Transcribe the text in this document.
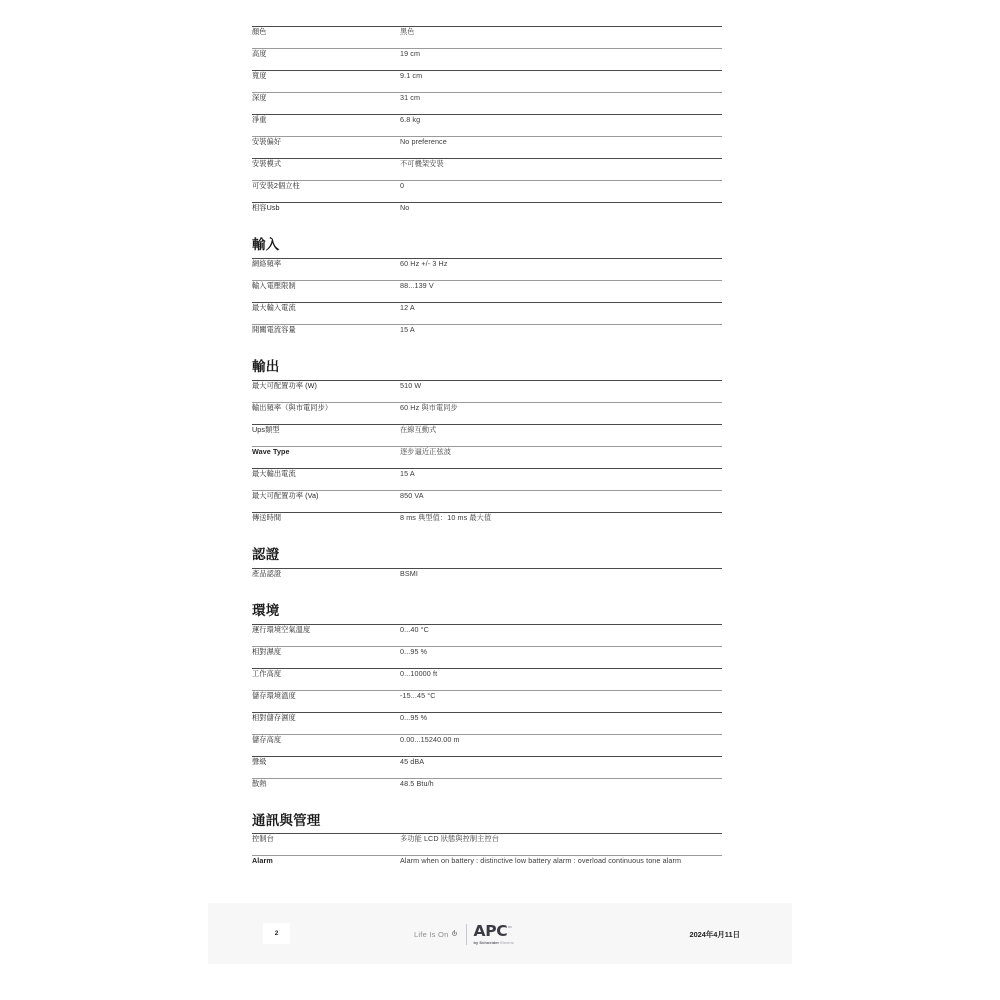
顏色	黑色
高度	19 cm
寬度	9.1 cm
深度	31 cm
淨重	6.8 kg
安裝偏好	No preference
安裝模式	不可機架安裝
可安裝2個立柱	0
相容Usb	No
輸入
網絡頻率	60 Hz +/- 3 Hz
輸入電壓限制	88...139 V
最大輸入電流	12 A
開關電流容量	15 A
輸出
最大可配置功率 (W)	510 W
輸出頻率（與市電同步）	60 Hz 與市電同步
Ups類型	在線互動式
Wave Type	逐步逼近正弦波
最大輸出電流	15 A
最大可配置功率 (Va)	850 VA
傳送時間	8 ms 典型值：10 ms 最大值
認證
產品認證	BSMI
環境
運行環境空氣溫度	0...40 °C
相對濕度	0...95 %
工作高度	0...10000 ft
儲存環境溫度	-15...45 °C
相對儲存濕度	0...95 %
儲存高度	0.00...15240.00 m
聲級	45 dBA
散熱	48.5 Btu/h
通訊與管理
控制台	多功能 LCD 狀態與控制主控台
Alarm	Alarm when on battery : distinctive low battery alarm : overload continuous tone alarm
2	Life Is On APC™
by Schneider Electric
2024年4月11日
